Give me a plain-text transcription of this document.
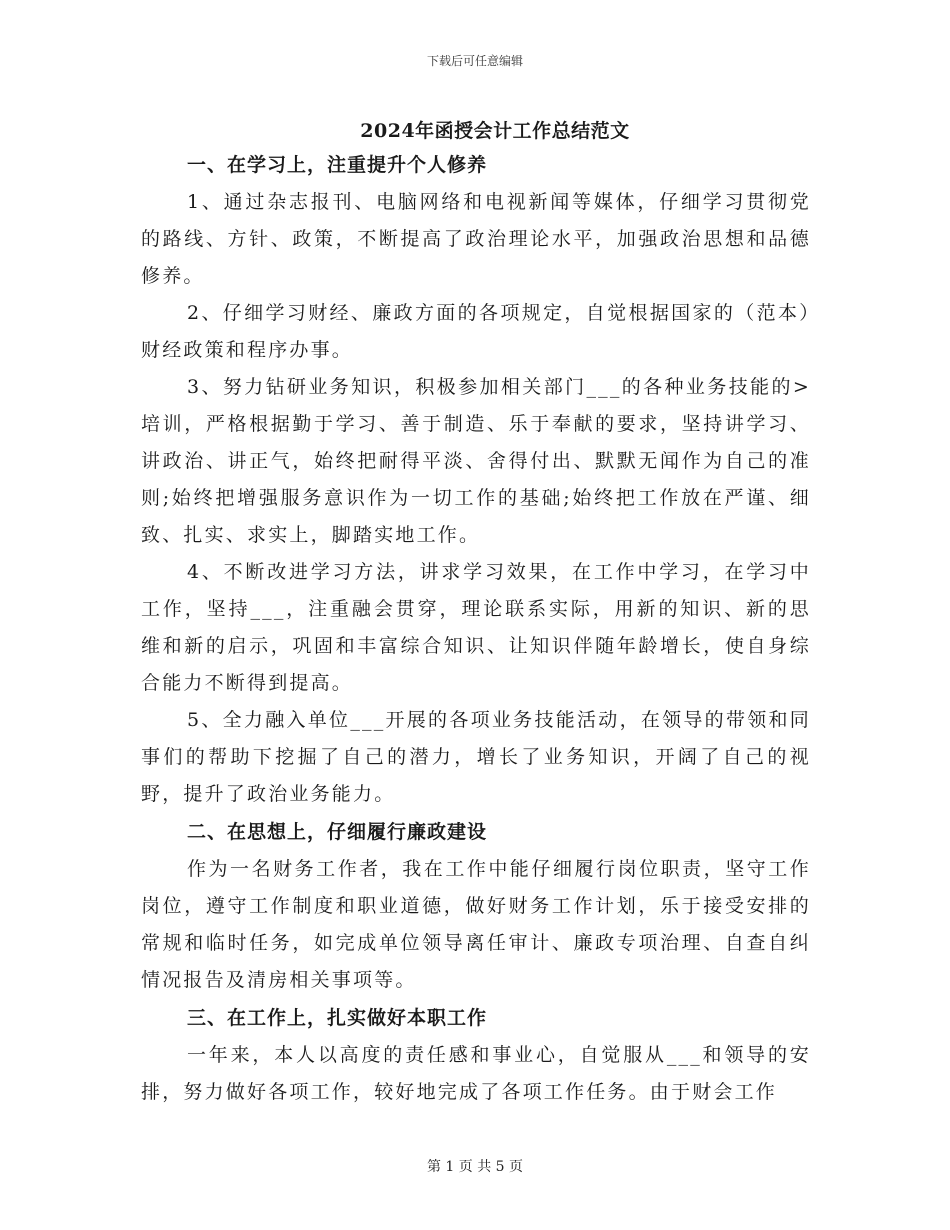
下载后可任意编辑
2024年函授会计工作总结范文

一、在学习上，注重提升个人修养

1、通过杂志报刊、电脑网络和电视新闻等媒体，仔细学习贯彻党的路线、方针、政策，不断提高了政治理论水平，加强政治思想和品德修养。

2、仔细学习财经、廉政方面的各项规定，自觉根据国家的（范本）财经政策和程序办事。

3、努力钻研业务知识，积极参加相关部门___的各种业务技能的>培训，严格根据勤于学习、善于制造、乐于奉献的要求，坚持讲学习、讲政治、讲正气，始终把耐得平淡、舍得付出、默默无闻作为自己的准则;始终把增强服务意识作为一切工作的基础;始终把工作放在严谨、细致、扎实、求实上，脚踏实地工作。

4、不断改进学习方法，讲求学习效果，在工作中学习，在学习中工作，坚持___，注重融会贯穿，理论联系实际，用新的知识、新的思维和新的启示，巩固和丰富综合知识、让知识伴随年龄增长，使自身综合能力不断得到提高。

5、全力融入单位___开展的各项业务技能活动，在领导的带领和同事们的帮助下挖掘了自己的潜力，增长了业务知识，开阔了自己的视野，提升了政治业务能力。

二、在思想上，仔细履行廉政建设

作为一名财务工作者，我在工作中能仔细履行岗位职责，坚守工作岗位，遵守工作制度和职业道德，做好财务工作计划，乐于接受安排的常规和临时任务，如完成单位领导离任审计、廉政专项治理、自查自纠情况报告及清房相关事项等。

三、在工作上，扎实做好本职工作

一年来，本人以高度的责任感和事业心，自觉服从___和领导的安排，努力做好各项工作，较好地完成了各项工作任务。由于财会工作

第 1 页 共 5 页
